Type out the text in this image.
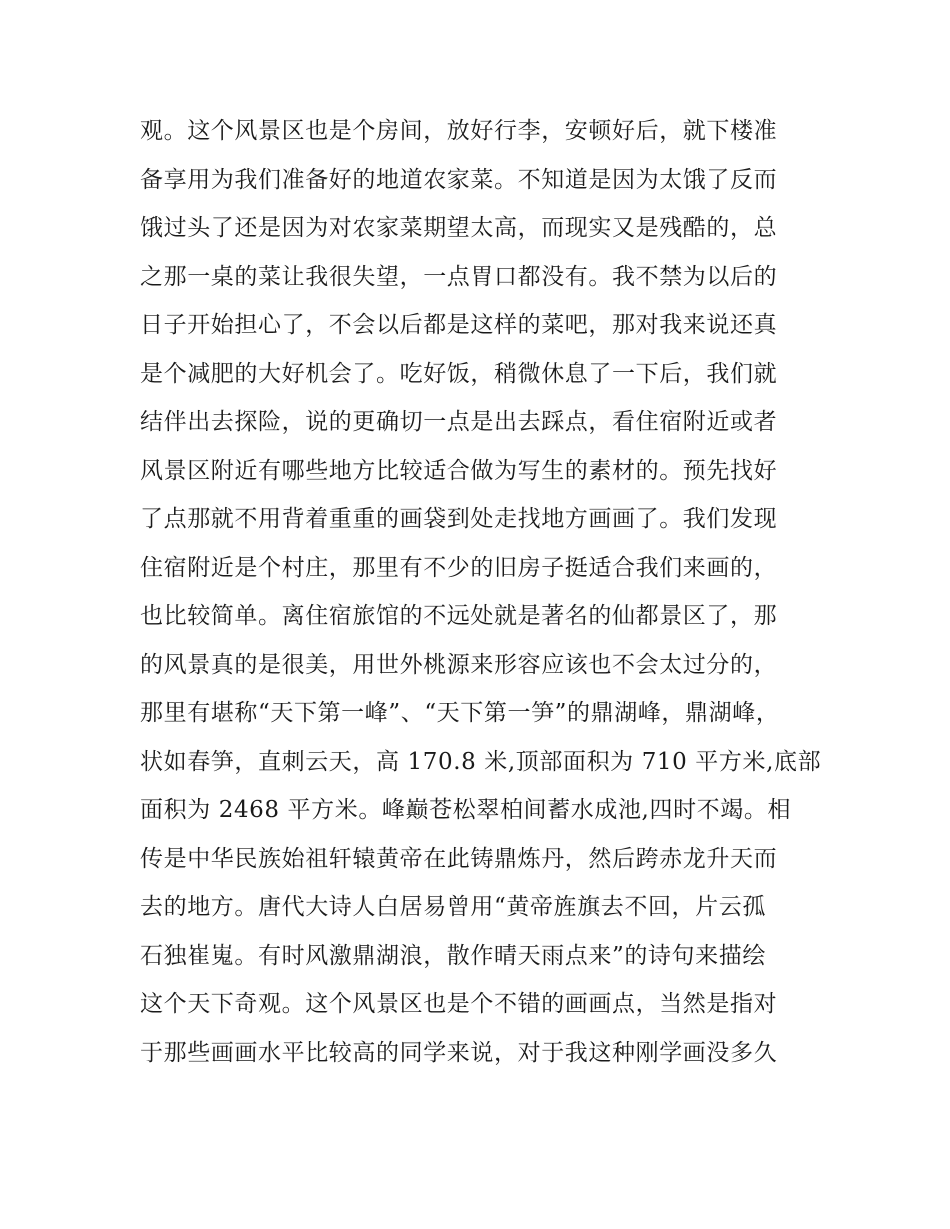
观。这个风景区也是个房间，放好行李，安顿好后，就下楼准
备享用为我们准备好的地道农家菜。不知道是因为太饿了反而
饿过头了还是因为对农家菜期望太高，而现实又是残酷的，总
之那一桌的菜让我很失望，一点胃口都没有。我不禁为以后的
日子开始担心了，不会以后都是这样的菜吧，那对我来说还真
是个减肥的大好机会了。吃好饭，稍微休息了一下后，我们就
结伴出去探险，说的更确切一点是出去踩点，看住宿附近或者
风景区附近有哪些地方比较适合做为写生的素材的。预先找好
了点那就不用背着重重的画袋到处走找地方画画了。我们发现
住宿附近是个村庄，那里有不少的旧房子挺适合我们来画的，
也比较简单。离住宿旅馆的不远处就是著名的仙都景区了，那
的风景真的是很美，用世外桃源来形容应该也不会太过分的，
那里有堪称“天下第一峰”、“天下第一笋”的鼎湖峰，鼎湖峰，
状如春笋，直刺云天，高 170.8 米,顶部面积为 710 平方米,底部
面积为 2468 平方米。峰巅苍松翠柏间蓄水成池,四时不竭。相
传是中华民族始祖轩辕黄帝在此铸鼎炼丹，然后跨赤龙升天而
去的地方。唐代大诗人白居易曾用“黄帝旌旗去不回，片云孤
石独崔嵬。有时风激鼎湖浪，散作晴天雨点来”的诗句来描绘
这个天下奇观。这个风景区也是个不错的画画点，当然是指对
于那些画画水平比较高的同学来说，对于我这种刚学画没多久
